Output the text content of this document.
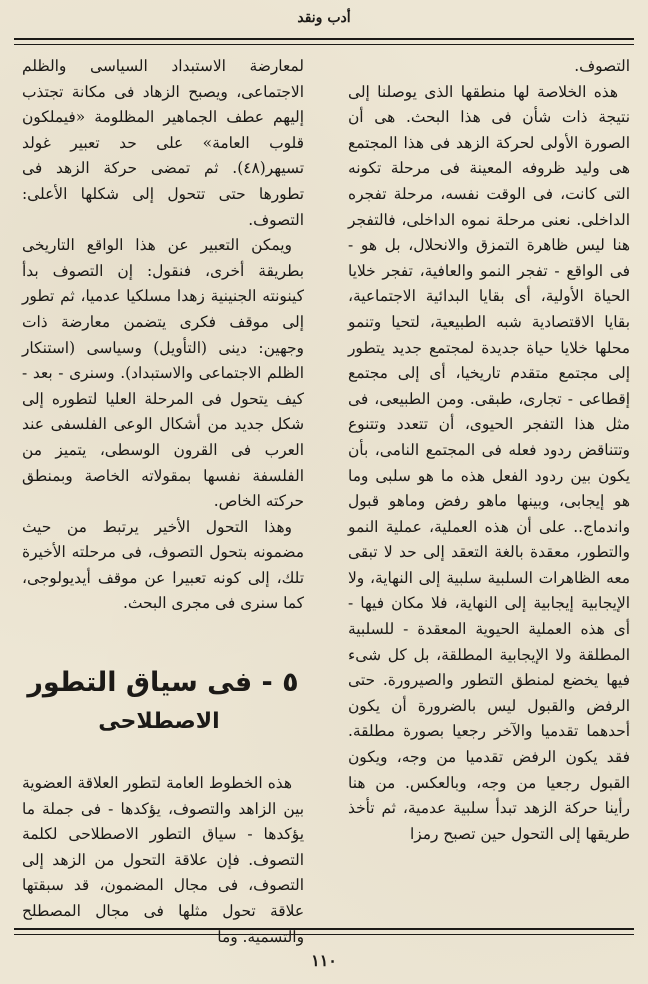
أدب ونقد

التصوف.

هذه الخلاصة لها منطقها الذى يوصلنا إلى نتيجة ذات شأن فى هذا البحث. هى أن الصورة الأولى لحركة الزهد فى هذا المجتمع هى وليد ظروفه المعينة فى مرحلة تكونه التى كانت، فى الوقت نفسه، مرحلة تفجره الداخلى. نعنى مرحلة نموه الداخلى، فالتفجر هنا ليس ظاهرة التمزق والانحلال، بل هو - فى الواقع - تفجر النمو والعافية، تفجر خلايا الحياة الأولية، أى بقايا البدائية الاجتماعية، بقايا الاقتصادية شبه الطبيعية، لتحيا وتنمو محلها خلايا حياة جديدة لمجتمع جديد يتطور إلى مجتمع متقدم تاريخيا، أى إلى مجتمع إقطاعى - تجارى، طبقى. ومن الطبيعى، فى مثل هذا التفجر الحيوى، أن تتعدد وتتنوع وتتناقض ردود فعله فى المجتمع النامى، بأن يكون بين ردود الفعل هذه ما هو سلبى وما هو إيجابى، وبينها ماهو رفض وماهو قبول واندماج.. على أن هذه العملية، عملية النمو والتطور، معقدة بالغة التعقد إلى حد لا تبقى معه الظاهرات السلبية سلبية إلى النهاية، ولا الإيجابية إيجابية إلى النهاية، فلا مكان فيها - أى هذه العملية الحيوية المعقدة - للسلبية المطلقة ولا الإيجابية المطلقة، بل كل شىء فيها يخضع لمنطق التطور والصيرورة. حتى الرفض والقبول ليس بالضرورة أن يكون أحدهما تقدميا والآخر رجعيا بصورة مطلقة. فقد يكون الرفض تقدميا من وجه، ويكون القبول رجعيا من وجه، وبالعكس. من هنا رأينا حركة الزهد تبدأ سلبية عدمية، ثم تأخذ طريقها إلى التحول حين تصبح رمزا

لمعارضة الاستبداد السياسى والظلم الاجتماعى، ويصبح الزهاد فى مكانة تجتذب إليهم عطف الجماهير المظلومة «فيملكون قلوب العامة» على حد تعبير غولد تسيهر(٤٨). ثم تمضى حركة الزهد فى تطورها حتى تتحول إلى شكلها الأعلى: التصوف.

ويمكن التعبير عن هذا الواقع التاريخى بطريقة أخرى، فنقول: إن التصوف بدأ كينونته الجنينية زهدا مسلكيا عدميا، ثم تطور إلى موقف فكرى يتضمن معارضة ذات وجهين: دينى (التأويل) وسياسى (استنكار الظلم الاجتماعى والاستبداد). وسنرى - بعد - كيف يتحول فى المرحلة العليا لتطوره إلى شكل جديد من أشكال الوعى الفلسفى عند العرب فى القرون الوسطى، يتميز من الفلسفة نفسها بمقولاته الخاصة وبمنطق حركته الخاص.

وهذا التحول الأخير يرتبط من حيث مضمونه بتحول التصوف، فى مرحلته الأخيرة تلك، إلى كونه تعبيرا عن موقف أيديولوجى، كما سنرى فى مجرى البحث.

٥ - فى سياق التطور
الاصطلاحى

هذه الخطوط العامة لتطور العلاقة العضوية بين الزاهد والتصوف، يؤكدها - فى جملة ما يؤكدها - سياق التطور الاصطلاحى لكلمة التصوف. فإن علاقة التحول من الزهد إلى التصوف، فى مجال المضمون، قد سبقتها علاقة تحول مثلها فى مجال المصطلح والتسمية. وما

١١٠
